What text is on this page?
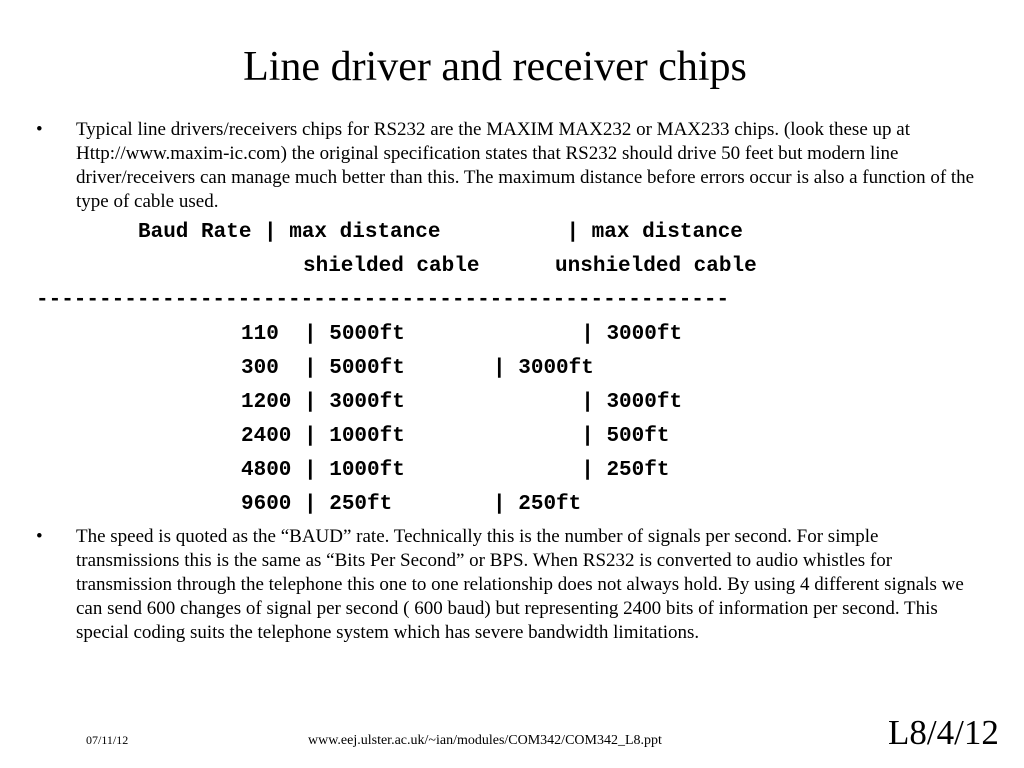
Line driver and receiver chips
• Typical line drivers/receivers chips for RS232 are the MAXIM MAX232 or MAX233 chips. (look these up at Http://www.maxim-ic.com) the original specification states that RS232 should drive 50 feet but modern line driver/receivers can manage much better than this. The maximum distance before errors occur is also a function of the type of cable used.
Baud Rate | max distance          | max distance
shielded cable      unshielded cable
-------------------------------------------------------
110  | 5000ft              | 3000ft
300  | 5000ft       | 3000ft
1200 | 3000ft              | 3000ft
2400 | 1000ft              | 500ft
4800 | 1000ft              | 250ft
9600 | 250ft        | 250ft
• The speed is quoted as the “BAUD” rate. Technically this is the number of signals per second. For simple transmissions this is the same as “Bits Per Second” or BPS. When RS232 is converted to audio whistles for transmission through the telephone this one to one relationship does not always hold. By using 4 different signals we can send 600 changes of signal per second ( 600 baud) but representing 2400 bits of information per second. This special coding suits the telephone system which has severe bandwidth limitations.
07/11/12	www.eej.ulster.ac.uk/~ian/modules/COM342/COM342_L8.ppt	L8/4/12
